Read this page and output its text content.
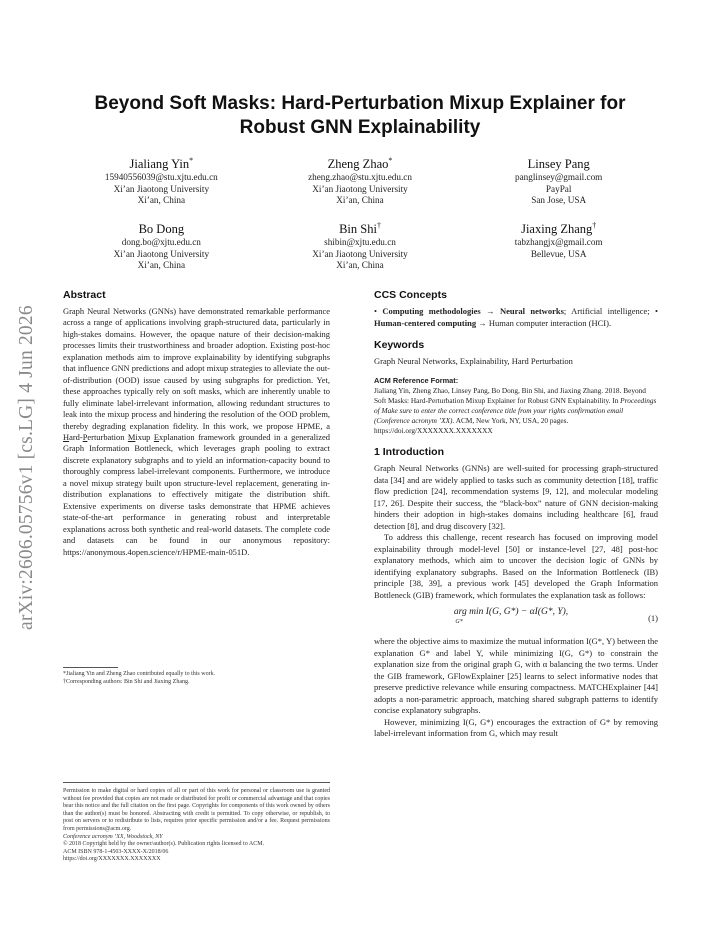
arXiv:2606.05756v1 [cs.LG] 4 Jun 2026
Beyond Soft Masks: Hard-Perturbation Mixup Explainer for Robust GNN Explainability
Jialiang Yin*
15940556039@stu.xjtu.edu.cn
Xi’an Jiaotong University
Xi’an, China
Zheng Zhao*
zheng.zhao@stu.xjtu.edu.cn
Xi’an Jiaotong University
Xi’an, China
Linsey Pang
panglinsey@gmail.com
PayPal
San Jose, USA
Bo Dong
dong.bo@xjtu.edu.cn
Xi’an Jiaotong University
Xi’an, China
Bin Shi†
shibin@xjtu.edu.cn
Xi’an Jiaotong University
Xi’an, China
Jiaxing Zhang†
tabzhangjx@gmail.com
Bellevue, USA
Abstract

Graph Neural Networks (GNNs) have demonstrated remarkable performance across a range of applications involving graph-structured data, particularly in high-stakes domains. However, the opaque nature of their decision-making processes limits their trustworthiness and broader adoption. Existing post-hoc explanation methods aim to improve explainability by identifying subgraphs that influence GNN predictions and adopt mixup strategies to alleviate the out-of-distribution (OOD) issue caused by using subgraphs for prediction. Yet, these approaches typically rely on soft masks, which are inherently unable to fully eliminate label-irrelevant information, allowing redundant structures to leak into the mixup process and hindering the resolution of the OOD problem, thereby degrading explanation fidelity. In this work, we propose HPME, a Hard-Perturbation Mixup Explanation framework grounded in a generalized Graph Information Bottleneck, which leverages graph pooling to extract discrete explanatory subgraphs and to yield an information-capacity bound to thoroughly compress label-irrelevant components. Furthermore, we introduce a novel mixup strategy built upon structure-level replacement, generating in-distribution explanations to effectively mitigate the distribution shift. Extensive experiments on diverse tasks demonstrate that HPME achieves state-of-the-art performance in generating robust and interpretable explanations across both synthetic and real-world datasets. The complete code and datasets can be found in our anonymous repository: https://anonymous.4open.science/r/HPME-main-051D.

*Jialiang Yin and Zheng Zhao contributed equally to this work.
†Corresponding authors: Bin Shi and Jiaxing Zhang.
Permission to make digital or hard copies of all or part of this work for personal or classroom use is granted without fee provided that copies are not made or distributed for profit or commercial advantage and that copies bear this notice and the full citation on the first page. Copyrights for components of this work owned by others than the author(s) must be honored. Abstracting with credit is permitted. To copy otherwise, or republish, to post on servers or to redistribute to lists, requires prior specific permission and/or a fee. Request permissions from permissions@acm.org.
Conference acronym ’XX, Woodstock, NY
© 2018 Copyright held by the owner/author(s). Publication rights licensed to ACM.
ACM ISBN 978-1-4503-XXXX-X/2018/06
https://doi.org/XXXXXXX.XXXXXXX
CCS Concepts

• Computing methodologies → Neural networks; Artificial intelligence; • Human-centered computing → Human computer interaction (HCI).

Keywords

Graph Neural Networks, Explainability, Hard Perturbation

ACM Reference Format:

Jialiang Yin, Zheng Zhao, Linsey Pang, Bo Dong, Bin Shi, and Jiaxing Zhang. 2018. Beyond Soft Masks: Hard-Perturbation Mixup Explainer for Robust GNN Explainability. In Proceedings of Make sure to enter the correct conference title from your rights confirmation email (Conference acronym ’XX). ACM, New York, NY, USA, 20 pages. https://doi.org/XXXXXXX.XXXXXXX

1 Introduction

Graph Neural Networks (GNNs) are well-suited for processing graph-structured data [34] and are widely applied to tasks such as community detection [18], traffic flow prediction [24], recommendation systems [9, 12], and molecular modeling [17, 26]. Despite their success, the “black-box” nature of GNN decision-making hinders their adoption in high-stakes domains including healthcare [6], fraud detection [8], and drug discovery [32].

To address this challenge, recent research has focused on improving model explainability through model-level [50] or instance-level [27, 48] post-hoc explanatory methods, which aim to uncover the decision logic of GNNs by identifying explanatory subgraphs. Based on the Information Bottleneck (IB) principle [38, 39], a previous work [45] developed the Graph Information Bottleneck (GIB) framework, which formulates the explanation task as follows:

arg min I(G, G*) − αI(G*, Y),
$^{G*}$	(1)

where the objective aims to maximize the mutual information I(G*, Y) between the explanation G* and label Y, while minimizing I(G, G*) to constrain the explanation size from the original graph G, with α balancing the two terms. Under the GIB framework, GFlowExplainer [25] learns to select informative nodes that preserve predictive relevance while ensuring compactness. MATCHExplainer [44] adopts a non-parametric approach, matching shared subgraph patterns to identify concise explanatory subgraphs.

However, minimizing I(G, G*) encourages the extraction of G* by removing label-irrelevant information from G, which may result
